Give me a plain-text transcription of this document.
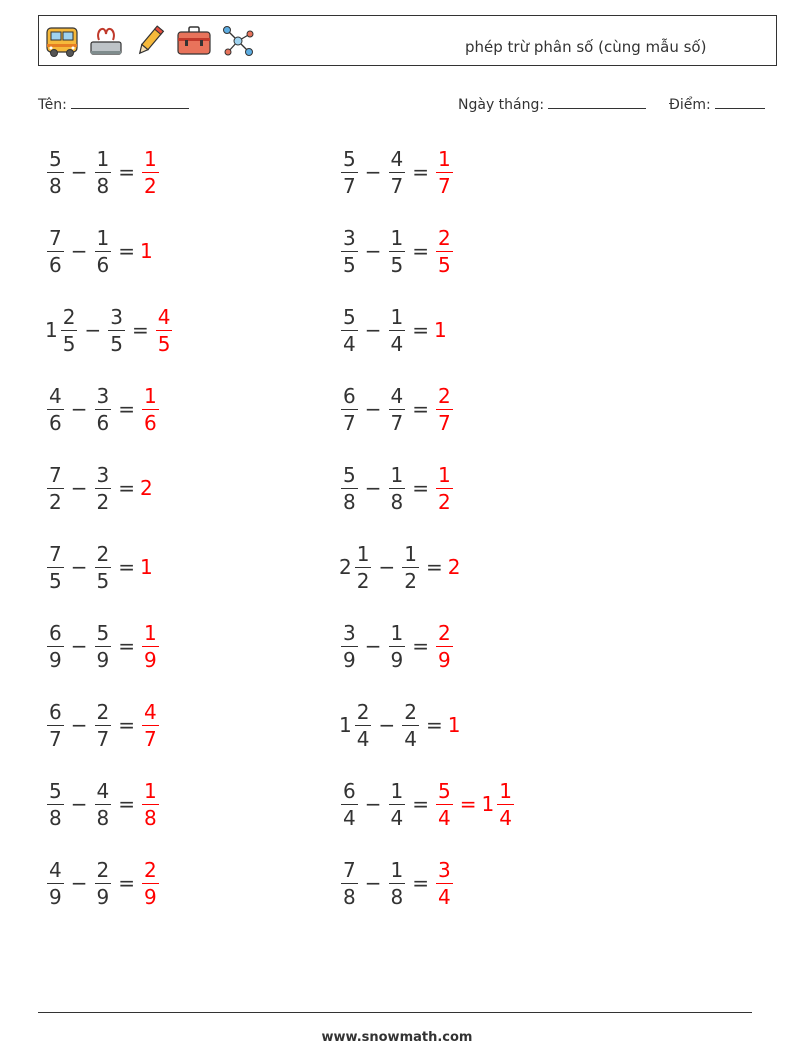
phép trừ phân số (cùng mẫu số)
Tên:	Ngày tháng:	Điểm:
$\frac{5}{8} - \frac{1}{8} = \frac{1}{2}$	$\frac{5}{7} - \frac{4}{7} = \frac{1}{7}$
$\frac{7}{6} - \frac{1}{6} = 1$	$\frac{3}{5} - \frac{1}{5} = \frac{2}{5}$
$1 \frac{2}{5} - \frac{3}{5} = \frac{4}{5}$	$\frac{5}{4} - \frac{1}{4} = 1$
$\frac{4}{6} - \frac{3}{6} = \frac{1}{6}$	$\frac{6}{7} - \frac{4}{7} = \frac{2}{7}$
$\frac{7}{2} - \frac{3}{2} = 2$	$\frac{5}{8} - \frac{1}{8} = \frac{1}{2}$
$\frac{7}{5} - \frac{2}{5} = 1$	$2 \frac{1}{2} - \frac{1}{2} = 2$
$\frac{6}{9} - \frac{5}{9} = \frac{1}{9}$	$\frac{3}{9} - \frac{1}{9} = \frac{2}{9}$
$\frac{6}{7} - \frac{2}{7} = \frac{4}{7}$	$1 \frac{2}{4} - \frac{2}{4} = 1$
$\frac{5}{8} - \frac{4}{8} = \frac{1}{8}$	$\frac{6}{4} - \frac{1}{4} = \frac{5}{4} = 1 \frac{1}{4}$
$\frac{4}{9} - \frac{2}{9} = \frac{2}{9}$	$\frac{7}{8} - \frac{1}{8} = \frac{3}{4}$
www.snowmath.com
